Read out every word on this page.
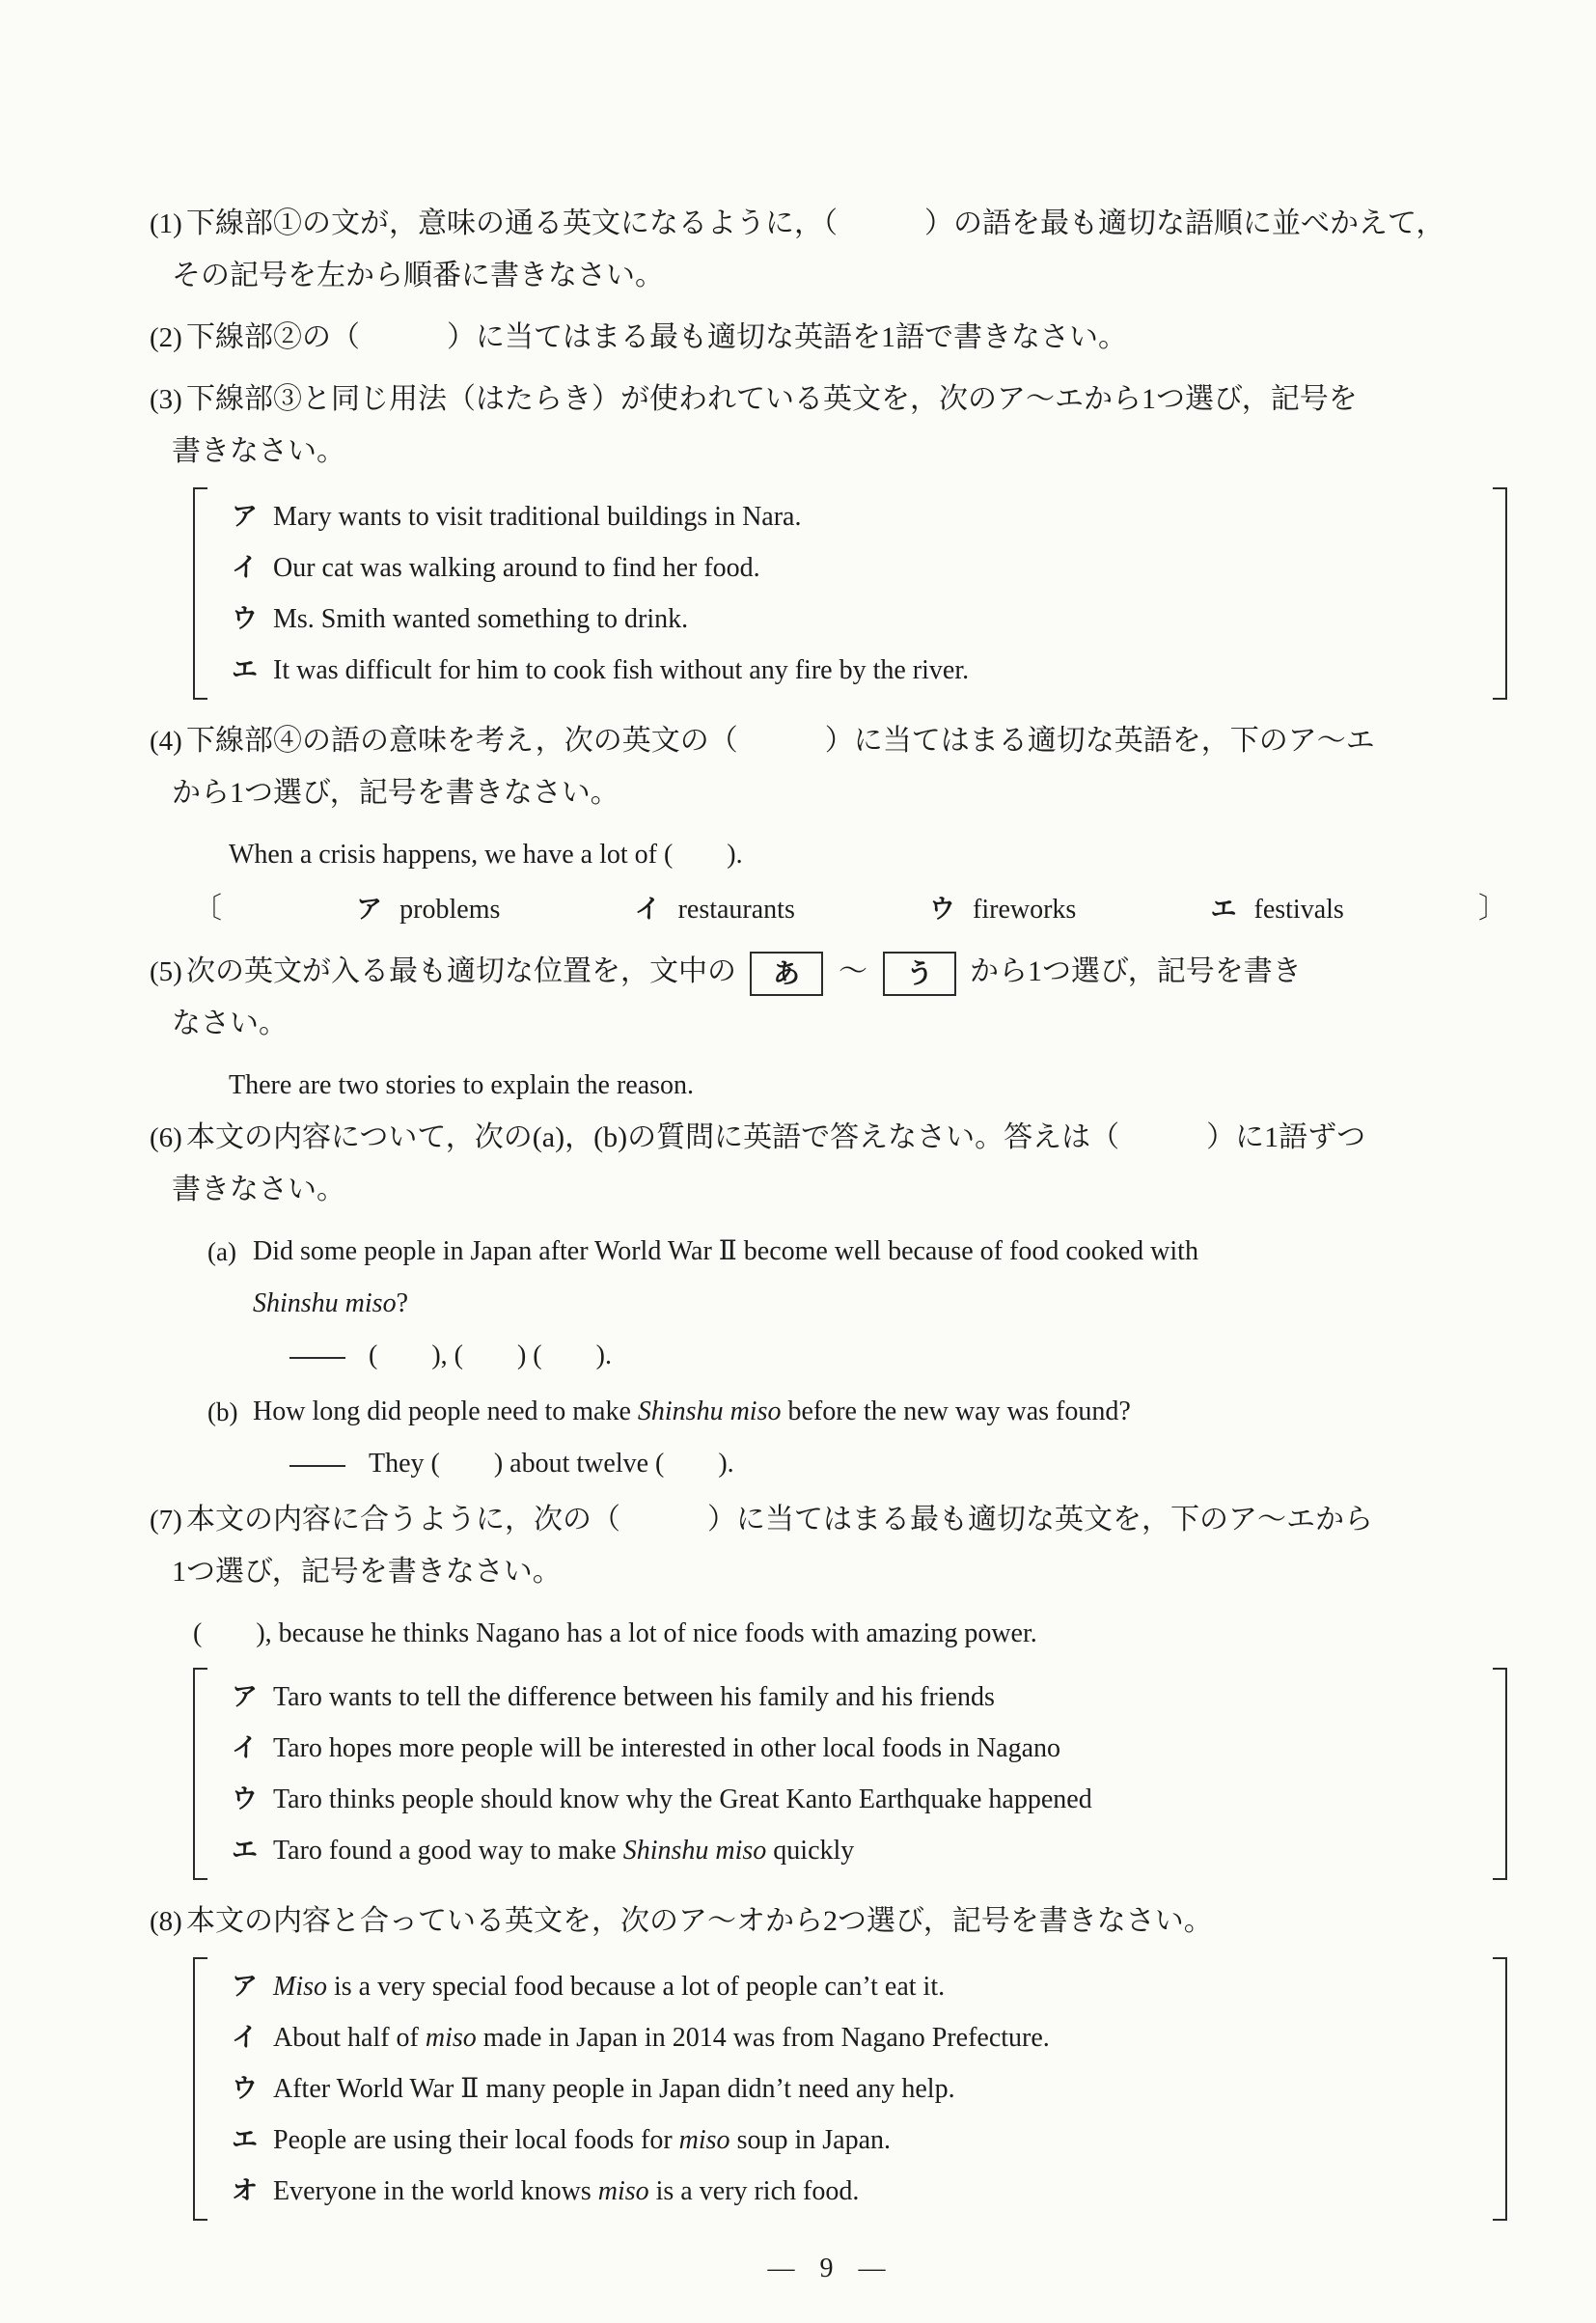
(1) 下線部①の文が，意味の通る英文になるように，（　　　）の語を最も適切な語順に並べかえて，
その記号を左から順番に書きなさい。
(2) 下線部②の（　　　）に当てはまる最も適切な英語を1語で書きなさい。
(3) 下線部③と同じ用法（はたらき）が使われている英文を，次のア～エから1つ選び，記号を
書きなさい。
ア Mary wants to visit traditional buildings in Nara.
イ Our cat was walking around to find her food.
ウ Ms. Smith wanted something to drink.
エ It was difficult for him to cook fish without any fire by the river.
(4) 下線部④の語の意味を考え，次の英文の（　　　）に当てはまる適切な英語を，下のア～エ
から1つ選び，記号を書きなさい。
When a crisis happens, we have a lot of (        ).
〔	ア problems	イ restaurants	ウ fireworks	エ festivals	〕
(5) 次の英文が入る最も適切な位置を，文中の あ ～ う から1つ選び，記号を書き
なさい。
There are two stories to explain the reason.
(6) 本文の内容について，次の(a)，(b)の質問に英語で答えなさい。答えは（　　　）に1語ずつ
書きなさい。
(a) Did some people in Japan after World War Ⅱ become well because of food cooked with
Shinshu miso?
(        ), (        ) (        ).
(b) How long did people need to make Shinshu miso before the new way was found?
They (        ) about twelve (        ).
(7) 本文の内容に合うように，次の（　　　）に当てはまる最も適切な英文を，下のア～エから
1つ選び，記号を書きなさい。
(        ), because he thinks Nagano has a lot of nice foods with amazing power.
ア Taro wants to tell the difference between his family and his friends
イ Taro hopes more people will be interested in other local foods in Nagano
ウ Taro thinks people should know why the Great Kanto Earthquake happened
エ Taro found a good way to make Shinshu miso quickly
(8) 本文の内容と合っている英文を，次のア～オから2つ選び，記号を書きなさい。
ア Miso is a very special food because a lot of people can’t eat it.
イ About half of miso made in Japan in 2014 was from Nagano Prefecture.
ウ After World War Ⅱ many people in Japan didn’t need any help.
エ People are using their local foods for miso soup in Japan.
オ Everyone in the world knows miso is a very rich food.
—  9  —
